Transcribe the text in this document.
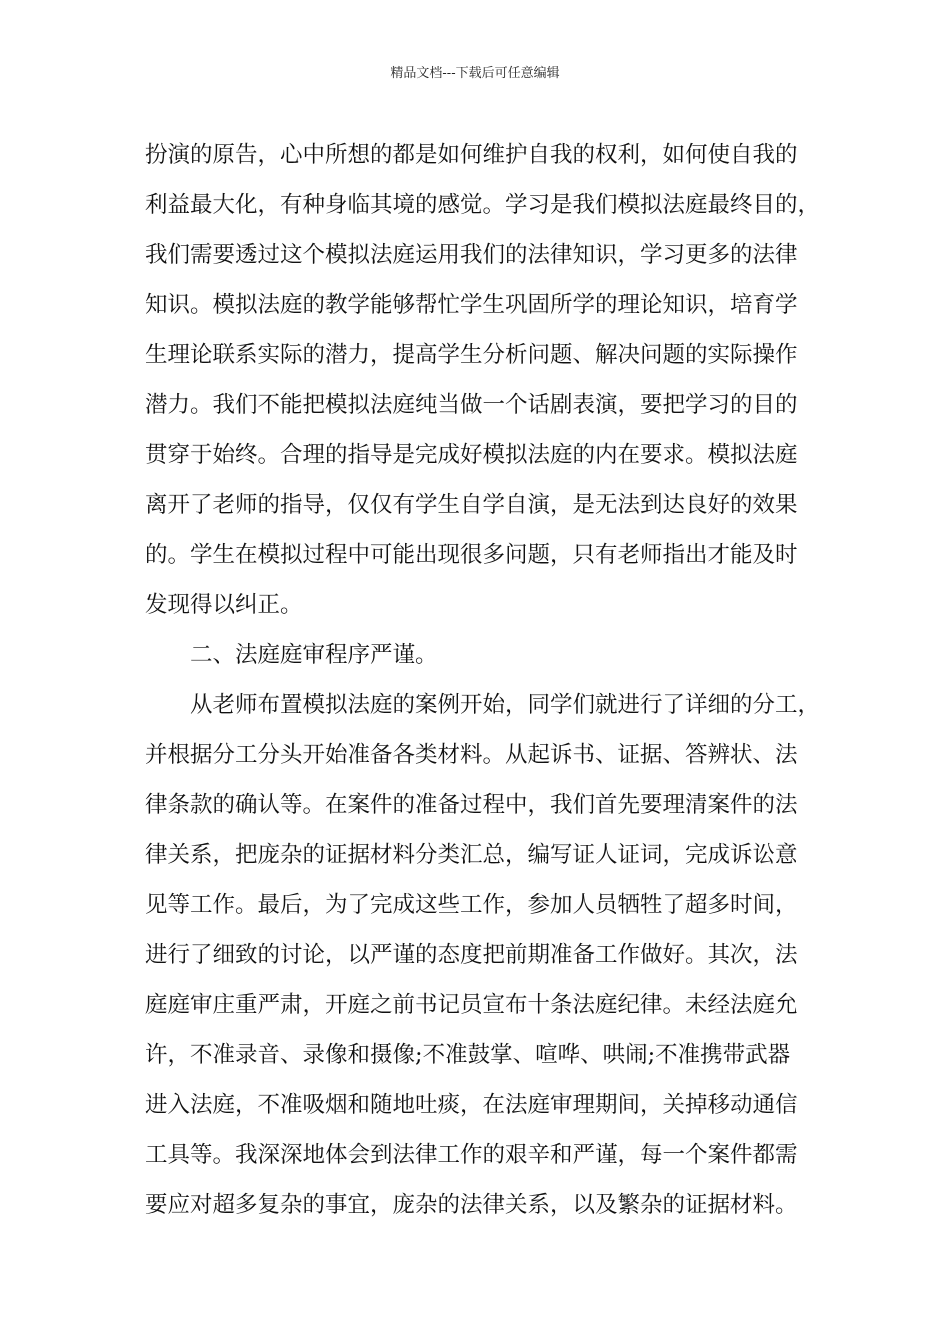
精品文档---下载后可任意编辑
扮演的原告，心中所想的都是如何维护自我的权利，如何使自我的
利益最大化，有种身临其境的感觉。学习是我们模拟法庭最终目的，
我们需要透过这个模拟法庭运用我们的法律知识，学习更多的法律
知识。模拟法庭的教学能够帮忙学生巩固所学的理论知识，培育学
生理论联系实际的潜力，提高学生分析问题、解决问题的实际操作
潜力。我们不能把模拟法庭纯当做一个话剧表演，要把学习的目的
贯穿于始终。合理的指导是完成好模拟法庭的内在要求。模拟法庭
离开了老师的指导，仅仅有学生自学自演，是无法到达良好的效果
的。学生在模拟过程中可能出现很多问题，只有老师指出才能及时
发现得以纠正。
二、法庭庭审程序严谨。
从老师布置模拟法庭的案例开始，同学们就进行了详细的分工，
并根据分工分头开始准备各类材料。从起诉书、证据、答辨状、法
律条款的确认等。在案件的准备过程中，我们首先要理清案件的法
律关系，把庞杂的证据材料分类汇总，编写证人证词，完成诉讼意
见等工作。最后，为了完成这些工作，参加人员牺牲了超多时间，
进行了细致的讨论，以严谨的态度把前期准备工作做好。其次，法
庭庭审庄重严肃，开庭之前书记员宣布十条法庭纪律。未经法庭允
许，不准录音、录像和摄像;不准鼓掌、喧哗、哄闹;不准携带武器
进入法庭，不准吸烟和随地吐痰，在法庭审理期间，关掉移动通信
工具等。我深深地体会到法律工作的艰辛和严谨，每一个案件都需
要应对超多复杂的事宜，庞杂的法律关系，以及繁杂的证据材料。
